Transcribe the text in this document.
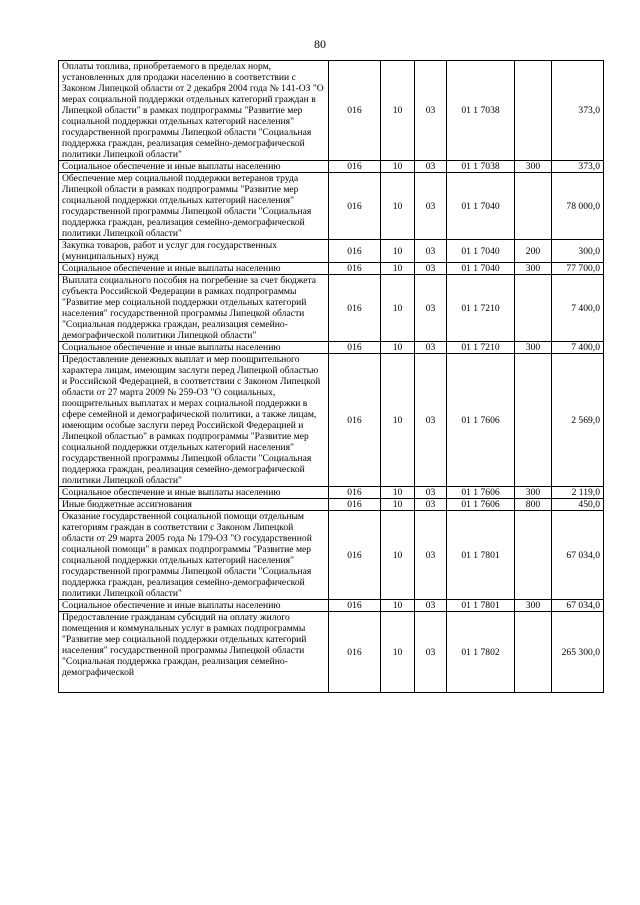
80
Оплаты топлива, приобретаемого в пределах норм, установленных для продажи населению в соответствии с Законом Липецкой области от 2 декабря 2004 года № 141-ОЗ "О мерах социальной поддержки отдельных категорий граждан в Липецкой области" в рамках подпрограммы "Развитие мер социальной поддержки отдельных категорий населения" государственной программы Липецкой области "Социальная поддержка граждан, реализация семейно-демографической политики Липецкой области"	016	10	03	01 1 7038		373,0
Социальное обеспечение и иные выплаты населению	016	10	03	01 1 7038	300	373,0
Обеспечение мер социальной поддержки ветеранов труда Липецкой области в рамках подпрограммы "Развитие мер социальной поддержки отдельных категорий населения" государственной программы Липецкой области "Социальная поддержка граждан, реализация семейно-демографической политики Липецкой области"	016	10	03	01 1 7040		78 000,0
Закупка товаров, работ и услуг для государственных (муниципальных) нужд	016	10	03	01 1 7040	200	300,0
Социальное обеспечение и иные выплаты населению	016	10	03	01 1 7040	300	77 700,0
Выплата социального пособия на погребение за счет бюджета субъекта Российской Федерации в рамках подпрограммы "Развитие мер социальной поддержки отдельных категорий населения" государственной программы Липецкой области "Социальная поддержка граждан, реализация семейно-демографической политики Липецкой области"	016	10	03	01 1 7210		7 400,0
Социальное обеспечение и иные выплаты населению	016	10	03	01 1 7210	300	7 400,0
Предоставление денежных выплат и мер поощрительного характера лицам, имеющим заслуги перед Липецкой областью и Российской Федерацией, в соответствии с Законом Липецкой области от 27 марта 2009 № 259-ОЗ "О социальных, поощрительных выплатах и мерах социальной поддержки в сфере семейной и демографической политики, а также лицам, имеющим особые заслуги перед Российской Федерацией и Липецкой областью" в рамках подпрограммы "Развитие мер социальной поддержки отдельных категорий населения" государственной программы Липецкой области "Социальная поддержка граждан, реализация семейно-демографической политики Липецкой области"	016	10	03	01 1 7606		2 569,0
Социальное обеспечение и иные выплаты населению	016	10	03	01 1 7606	300	2 119,0
Иные бюджетные ассигнования	016	10	03	01 1 7606	800	450,0
Оказание государственной социальной помощи отдельным категориям граждан в соответствии с Законом Липецкой области от 29 марта 2005 года № 179-ОЗ "О государственной социальной помощи" в рамках подпрограммы "Развитие мер социальной поддержки отдельных категорий населения" государственной программы Липецкой области "Социальная поддержка граждан, реализация семейно-демографической политики Липецкой области"	016	10	03	01 1 7801		67 034,0
Социальное обеспечение и иные выплаты населению	016	10	03	01 1 7801	300	67 034,0

Предоставление гражданам субсидий на оплату жилого помещения и коммунальных услуг в рамках подпрограммы "Развитие мер социальной поддержки отдельных категорий населения" государственной программы Липецкой области "Социальная поддержка граждан, реализация семейно-демографической	016	10	03	01 1 7802		265 300,0
